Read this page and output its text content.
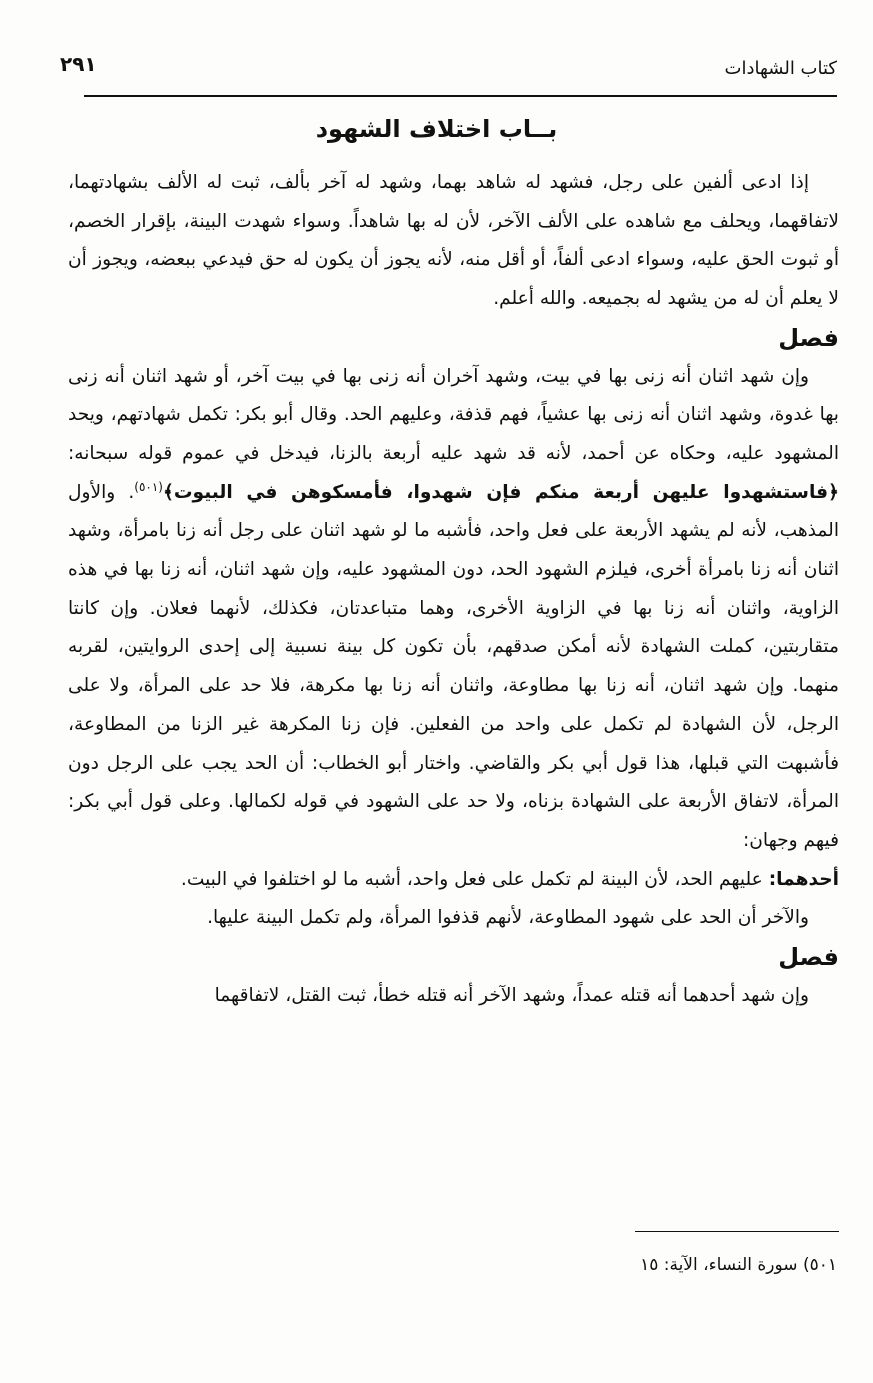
٢٩١	كتاب الشهادات
بــاب اختلاف الشهود

إذا ادعى ألفين على رجل، فشهد له شاهد بهما، وشهد له آخر بألف، ثبت له الألف بشهادتهما، لاتفاقهما، ويحلف مع شاهده على الألف الآخر، لأن له بها شاهداً. وسواء شهدت البينة، بإقرار الخصم، أو ثبوت الحق عليه، وسواء ادعى ألفاً، أو أقل منه، لأنه يجوز أن يكون له حق فيدعي ببعضه، ويجوز أن لا يعلم أن له من يشهد له بجميعه. والله أعلم.

فصل

وإن شهد اثنان أنه زنى بها في بيت، وشهد آخران أنه زنى بها في بيت آخر، أو شهد اثنان أنه زنى بها غدوة، وشهد اثنان أنه زنى بها عشياً، فهم قذفة، وعليهم الحد. وقال أبو بكر: تكمل شهادتهم، ويحد المشهود عليه، وحكاه عن أحمد، لأنه قد شهد عليه أربعة بالزنا، فيدخل في عموم قوله سبحانه: ﴿فاستشهدوا عليهن أربعة منكم فإن شهدوا، فأمسكوهن في البيوت﴾$^{(٥٠١)}$. والأول المذهب، لأنه لم يشهد الأربعة على فعل واحد، فأشبه ما لو شهد اثنان على رجل أنه زنا بامرأة، وشهد اثنان أنه زنا بامرأة أخرى، فيلزم الشهود الحد، دون المشهود عليه، وإن شهد اثنان، أنه زنا بها في هذه الزاوية، واثنان أنه زنا بها في الزاوية الأخرى، وهما متباعدتان، فكذلك، لأنهما فعلان. وإن كانتا متقاربتين، كملت الشهادة لأنه أمكن صدقهم، بأن تكون كل بينة نسبية إلى إحدى الروايتين، لقربه منهما. وإن شهد اثنان، أنه زنا بها مطاوعة، واثنان أنه زنا بها مكرهة، فلا حد على المرأة، ولا على الرجل، لأن الشهادة لم تكمل على واحد من الفعلين. فإن زنا المكرهة غير الزنا من المطاوعة، فأشبهت التي قبلها، هذا قول أبي بكر والقاضي. واختار أبو الخطاب: أن الحد يجب على الرجل دون المرأة، لاتفاق الأربعة على الشهادة بزناه، ولا حد على الشهود في قوله لكمالها. وعلى قول أبي بكر: فيهم وجهان:

أحدهما: عليهم الحد، لأن البينة لم تكمل على فعل واحد، أشبه ما لو اختلفوا في البيت.

والآخر أن الحد على شهود المطاوعة، لأنهم قذفوا المرأة، ولم تكمل البينة عليها.

فصل

وإن شهد أحدهما أنه قتله عمداً، وشهد الآخر أنه قتله خطأ، ثبت القتل، لاتفاقهما

٥٠١) سورة النساء، الآية: ١٥
